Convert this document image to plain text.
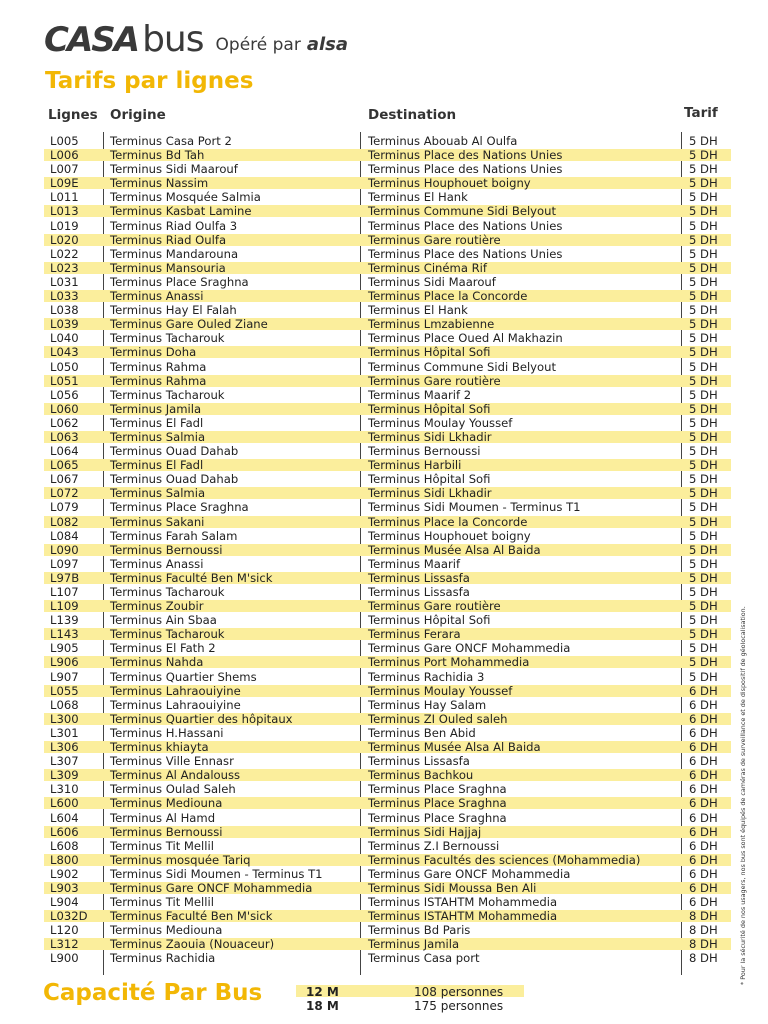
CASA bus Opéré par alsa
Tarifs par lignes
Lignes Origine	Destination	Tarif
L005	Terminus Casa Port 2	Terminus Abouab Al Oulfa	5 DH
L006	Terminus Bd Tah	Terminus Place des Nations Unies	5 DH
L007	Terminus Sidi Maarouf	Terminus Place des Nations Unies	5 DH
L09E	Terminus Nassim	Terminus Houphouet boigny	5 DH
L011	Terminus Mosquée Salmia	Terminus El Hank	5 DH
L013	Terminus Kasbat Lamine	Terminus Commune Sidi Belyout	5 DH
L019	Terminus Riad Oulfa 3	Terminus Place des Nations Unies	5 DH
L020	Terminus Riad Oulfa	Terminus Gare routière	5 DH
L022	Terminus Mandarouna	Terminus Place des Nations Unies	5 DH
L023	Terminus Mansouria	Terminus Cinéma Rif	5 DH
L031	Terminus Place Sraghna	Terminus Sidi Maarouf	5 DH
L033	Terminus Anassi	Terminus Place la Concorde	5 DH
L038	Terminus Hay El Falah	Terminus El Hank	5 DH
L039	Terminus Gare Ouled Ziane	Terminus Lmzabienne	5 DH
L040	Terminus Tacharouk	Terminus Place Oued Al Makhazin	5 DH
L043	Terminus Doha	Terminus Hôpital Sofi	5 DH
L050	Terminus Rahma	Terminus Commune Sidi Belyout	5 DH
L051	Terminus Rahma	Terminus Gare routière	5 DH
L056	Terminus Tacharouk	Terminus Maarif 2	5 DH
L060	Terminus Jamila	Terminus Hôpital Sofi	5 DH
L062	Terminus El Fadl	Terminus Moulay Youssef	5 DH
L063	Terminus Salmia	Terminus Sidi Lkhadir	5 DH
L064	Terminus Ouad Dahab	Terminus Bernoussi	5 DH
L065	Terminus El Fadl	Terminus Harbili	5 DH
L067	Terminus Ouad Dahab	Terminus Hôpital Sofi	5 DH
L072	Terminus Salmia	Terminus Sidi Lkhadir	5 DH
L079	Terminus Place Sraghna	Terminus Sidi Moumen - Terminus T1	5 DH
L082	Terminus Sakani	Terminus Place la Concorde	5 DH
L084	Terminus Farah Salam	Terminus Houphouet boigny	5 DH
L090	Terminus Bernoussi	Terminus Musée Alsa Al Baida	5 DH
L097	Terminus Anassi	Terminus Maarif	5 DH
L97B	Terminus Faculté Ben M'sick	Terminus Lissasfa	5 DH
L107	Terminus Tacharouk	Terminus Lissasfa	5 DH
L109	Terminus Zoubir	Terminus Gare routière	5 DH
L139	Terminus Ain Sbaa	Terminus Hôpital Sofi	5 DH
L143	Terminus Tacharouk	Terminus Ferara	5 DH
L905	Terminus El Fath 2	Terminus Gare ONCF Mohammedia	5 DH
L906	Terminus Nahda	Terminus Port Mohammedia	5 DH
L907	Terminus Quartier Shems	Terminus Rachidia 3	5 DH
L055	Terminus Lahraouiyine	Terminus Moulay Youssef	6 DH
L068	Terminus Lahraouiyine	Terminus Hay Salam	6 DH
L300	Terminus Quartier des hôpitaux	Terminus ZI Ouled saleh	6 DH
L301	Terminus H.Hassani	Terminus Ben Abid	6 DH
L306	Terminus khiayta	Terminus Musée Alsa Al Baida	6 DH
L307	Terminus Ville Ennasr	Terminus Lissasfa	6 DH
L309	Terminus Al Andalouss	Terminus Bachkou	6 DH
L310	Terminus Oulad Saleh	Terminus Place Sraghna	6 DH
L600	Terminus Mediouna	Terminus Place Sraghna	6 DH
L604	Terminus Al Hamd	Terminus Place Sraghna	6 DH
L606	Terminus Bernoussi	Terminus Sidi Hajjaj	6 DH
L608	Terminus Tit Mellil	Terminus Z.I Bernoussi	6 DH
L800	Terminus mosquée Tariq	Terminus Facultés des sciences (Mohammedia)	6 DH
L902	Terminus Sidi Moumen - Terminus T1	Terminus Gare ONCF Mohammedia	6 DH
L903	Terminus Gare ONCF Mohammedia	Terminus Sidi Moussa Ben Ali	6 DH
L904	Terminus Tit Mellil	Terminus ISTAHTM Mohammedia	6 DH
L032D Terminus Faculté Ben M'sick	Terminus ISTAHTM Mohammedia	8 DH
L120	Terminus Mediouna	Terminus Bd Paris	8 DH
L312	Terminus Zaouia (Nouaceur)	Terminus Jamila	8 DH
L900	Terminus Rachidia	Terminus Casa port	8 DH	* Pour la sécurité de nos usagers, nos bus sont équipés de caméras de surveillance et de dispositif de géolocalisation.
Capacité Par Bus	12 M	108 personnes
18 M	175 personnes
